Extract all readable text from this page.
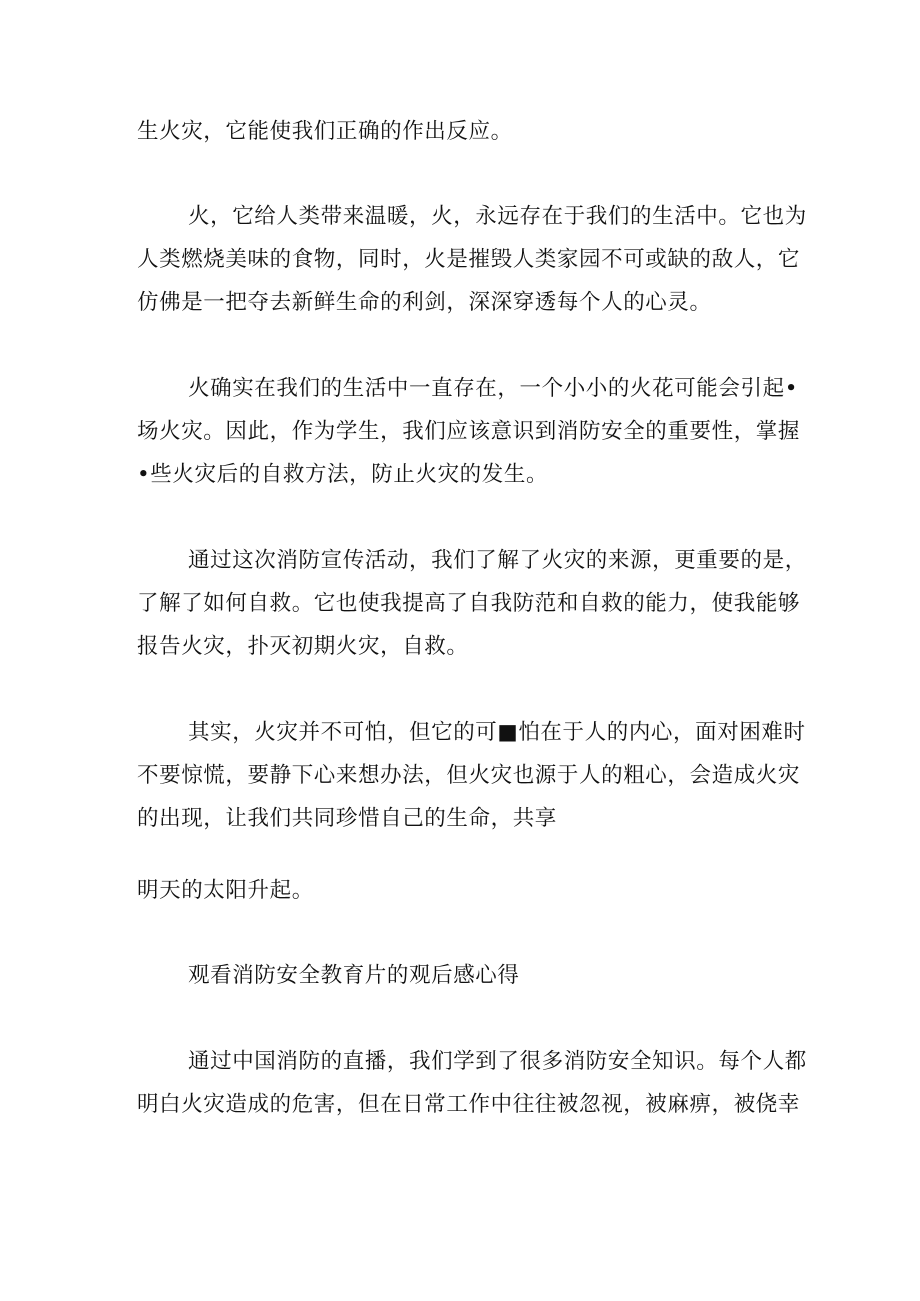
生火灾，它能使我们正确的作出反应。
火，它给人类带来温暖，火，永远存在于我们的生活中。它也为
人类燃烧美味的食物，同时，火是摧毁人类家园不可或缺的敌人，它
仿佛是一把夺去新鲜生命的利剑，深深穿透每个人的心灵。
火确实在我们的生活中一直存在，一个小小的火花可能会引起•
场火灾。因此，作为学生，我们应该意识到消防安全的重要性，掌握
•些火灾后的自救方法，防止火灾的发生。
通过这次消防宣传活动，我们了解了火灾的来源，更重要的是，
了解了如何自救。它也使我提高了自我防范和自救的能力，使我能够
报告火灾，扑灭初期火灾，自救。
其实，火灾并不可怕，但它的可■怕在于人的内心，面对困难时
不要惊慌，要静下心来想办法，但火灾也源于人的粗心，会造成火灾
的出现，让我们共同珍惜自己的生命，共享
明天的太阳升起。
观看消防安全教育片的观后感心得
通过中国消防的直播，我们学到了很多消防安全知识。每个人都
明白火灾造成的危害，但在日常工作中往往被忽视，被麻痹，被侥幸
